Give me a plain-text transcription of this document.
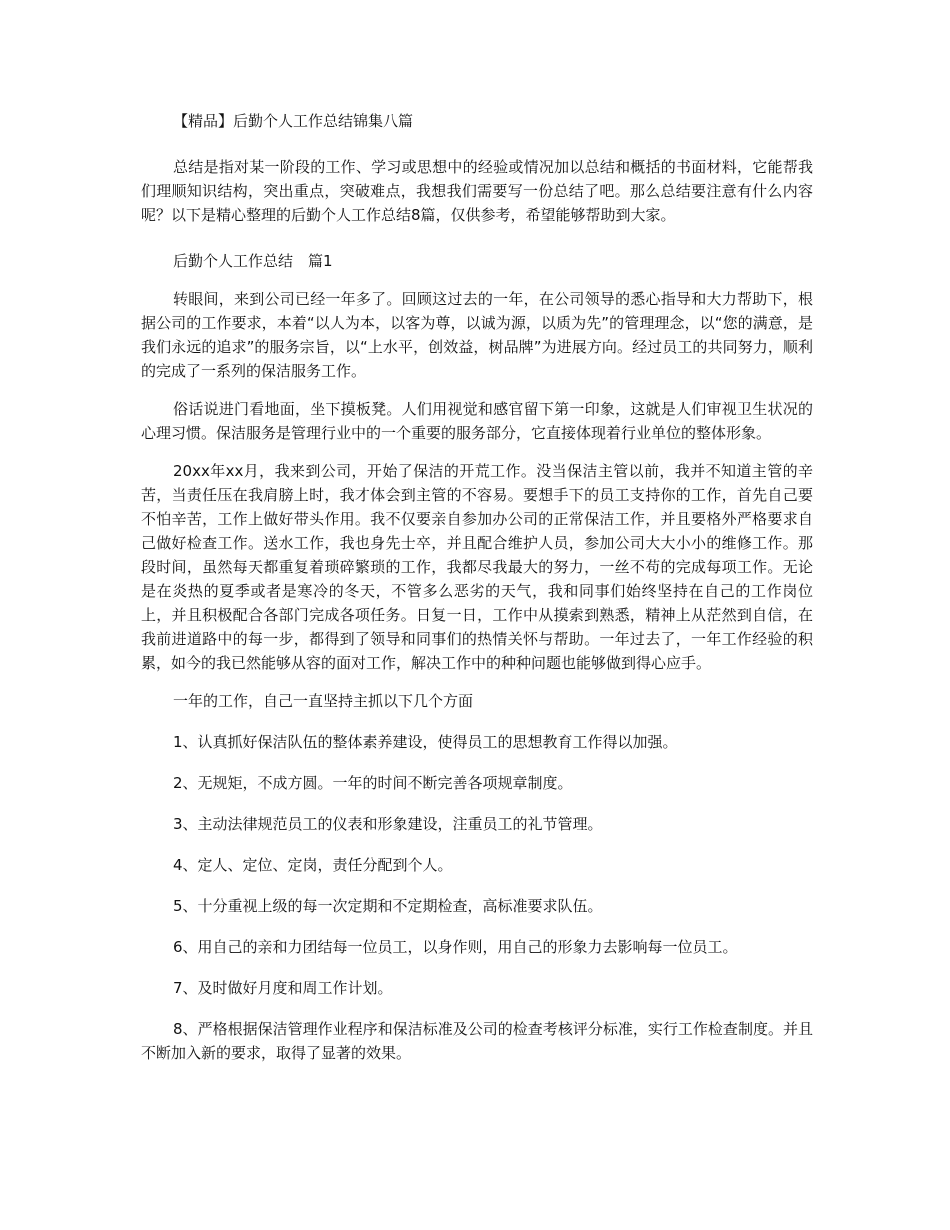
【精品】后勤个人工作总结锦集八篇

总结是指对某一阶段的工作、学习或思想中的经验或情况加以总结和概括的书面材料，它能帮我们理顺知识结构，突出重点，突破难点，我想我们需要写一份总结了吧。那么总结要注意有什么内容呢？以下是精心整理的后勤个人工作总结8篇，仅供参考，希望能够帮助到大家。

后勤个人工作总结　篇1

转眼间，来到公司已经一年多了。回顾这过去的一年，在公司领导的悉心指导和大力帮助下，根据公司的工作要求，本着“以人为本，以客为尊，以诚为源，以质为先”的管理理念，以“您的满意，是我们永远的追求”的服务宗旨，以“上水平，创效益，树品牌”为进展方向。经过员工的共同努力，顺利的完成了一系列的保洁服务工作。

俗话说进门看地面，坐下摸板凳。人们用视觉和感官留下第一印象，这就是人们审视卫生状况的心理习惯。保洁服务是管理行业中的一个重要的服务部分，它直接体现着行业单位的整体形象。

20xx年xx月，我来到公司，开始了保洁的开荒工作。没当保洁主管以前，我并不知道主管的辛苦，当责任压在我肩膀上时，我才体会到主管的不容易。要想手下的员工支持你的工作，首先自己要不怕辛苦，工作上做好带头作用。我不仅要亲自参加办公司的正常保洁工作，并且要格外严格要求自己做好检查工作。送水工作，我也身先士卒，并且配合维护人员，参加公司大大小小的维修工作。那段时间，虽然每天都重复着琐碎繁琐的工作，我都尽我最大的努力，一丝不苟的完成每项工作。无论是在炎热的夏季或者是寒冷的冬天，不管多么恶劣的天气，我和同事们始终坚持在自己的工作岗位上，并且积极配合各部门完成各项任务。日复一日，工作中从摸索到熟悉，精神上从茫然到自信，在我前进道路中的每一步，都得到了领导和同事们的热情关怀与帮助。一年过去了，一年工作经验的积累，如今的我已然能够从容的面对工作，解决工作中的种种问题也能够做到得心应手。

一年的工作，自己一直坚持主抓以下几个方面

1、认真抓好保洁队伍的整体素养建设，使得员工的思想教育工作得以加强。

2、无规矩，不成方圆。一年的时间不断完善各项规章制度。

3、主动法律规范员工的仪表和形象建设，注重员工的礼节管理。

4、定人、定位、定岗，责任分配到个人。

5、十分重视上级的每一次定期和不定期检查，高标准要求队伍。

6、用自己的亲和力团结每一位员工，以身作则，用自己的形象力去影响每一位员工。

7、及时做好月度和周工作计划。

8、严格根据保洁管理作业程序和保洁标准及公司的检查考核评分标准，实行工作检查制度。并且不断加入新的要求，取得了显著的效果。
